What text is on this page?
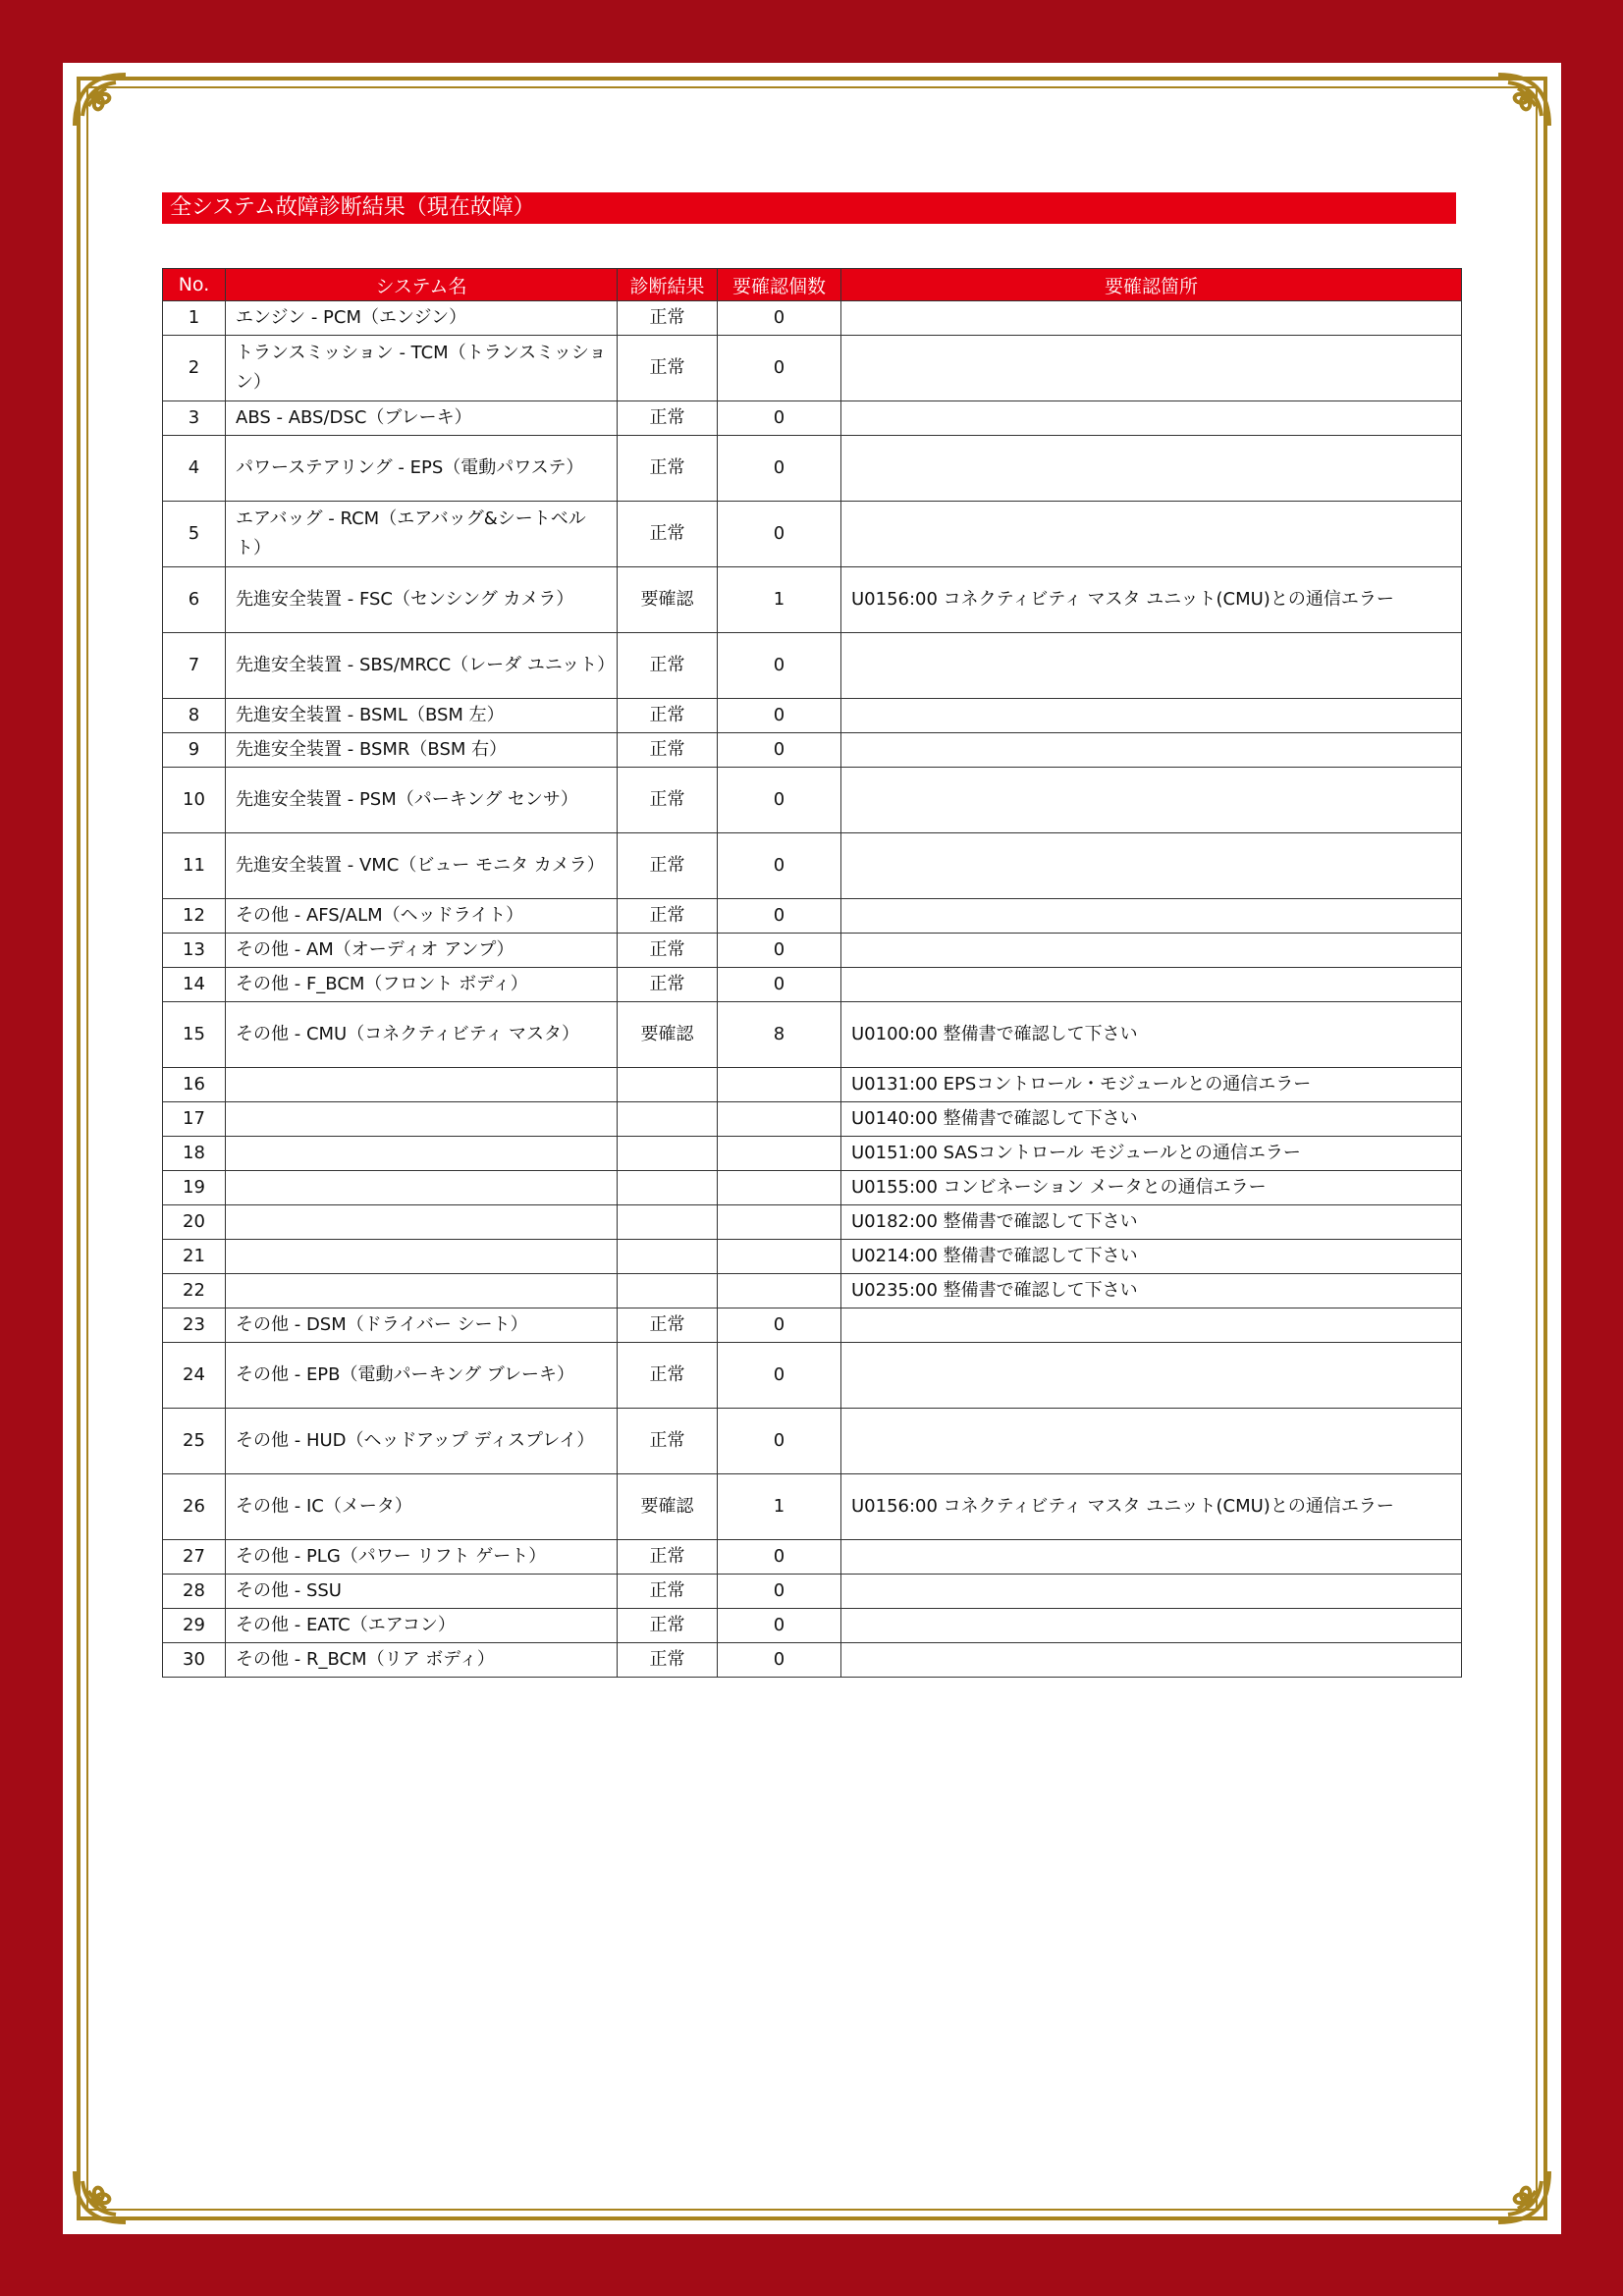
全システム故障診断結果（現在故障）
No.	システム名	診断結果	要確認個数	要確認箇所
1	エンジン - PCM（エンジン）	正常	0	
2	トランスミッション - TCM（トランスミッション）	正常	0	
3	ABS - ABS/DSC（ブレーキ）	正常	0	
4	パワーステアリング - EPS（電動パワステ）	正常	0	
5	エアバッグ - RCM（エアバッグ&シートベルト）	正常	0	
6	先進安全装置 - FSC（センシング カメラ）	要確認	1	U0156:00 コネクティビティ マスタ ユニット(CMU)との通信エラー
7	先進安全装置 - SBS/MRCC（レーダ ユニット）	正常	0	
8	先進安全装置 - BSML（BSM 左）	正常	0	
9	先進安全装置 - BSMR（BSM 右）	正常	0	
10	先進安全装置 - PSM（パーキング センサ）	正常	0	
11	先進安全装置 - VMC（ビュー モニタ カメラ）	正常	0	
12	その他 - AFS/ALM（ヘッドライト）	正常	0	
13	その他 - AM（オーディオ アンプ）	正常	0	
14	その他 - F_BCM（フロント ボディ）	正常	0	
15	その他 - CMU（コネクティビティ マスタ）	要確認	8	U0100:00 整備書で確認して下さい
16				U0131:00 EPSコントロール・モジュールとの通信エラー
17				U0140:00 整備書で確認して下さい
18				U0151:00 SASコントロール モジュールとの通信エラー
19				U0155:00 コンビネーション メータとの通信エラー
20				U0182:00 整備書で確認して下さい
21				U0214:00 整備書で確認して下さい
22				U0235:00 整備書で確認して下さい
23	その他 - DSM（ドライバー シート）	正常	0	
24	その他 - EPB（電動パーキング ブレーキ）	正常	0	
25	その他 - HUD（ヘッドアップ ディスプレイ）	正常	0	
26	その他 - IC（メータ）	要確認	1	U0156:00 コネクティビティ マスタ ユニット(CMU)との通信エラー
27	その他 - PLG（パワー リフト ゲート）	正常	0	
28	その他 - SSU	正常	0	
29	その他 - EATC（エアコン）	正常	0	
30	その他 - R_BCM（リア ボディ）	正常	0	
